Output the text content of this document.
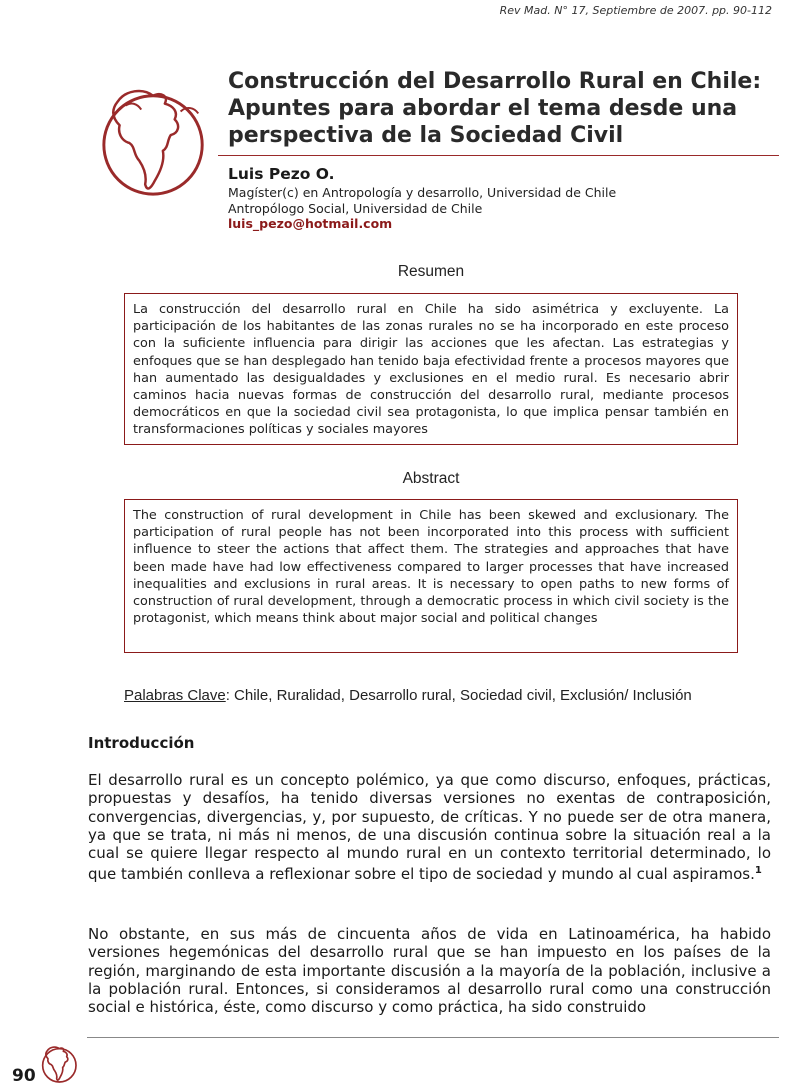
Rev Mad. N° 17, Septiembre de 2007. pp. 90-112
Construcción del Desarrollo Rural en Chile:
Apuntes para abordar el tema desde una
perspectiva de la Sociedad Civil
Luis Pezo O.
Magíster(c) en Antropología y desarrollo, Universidad de Chile
Antropólogo Social, Universidad de Chile
luis_pezo@hotmail.com
Resumen
La construcción del desarrollo rural en Chile ha sido asimétrica y excluyente. La participación de los habitantes de las zonas rurales no se ha incorporado en este proceso con la suficiente influencia para dirigir las acciones que les afectan. Las estrategias y enfoques que se han desplegado han tenido baja efectividad frente a procesos mayores que han aumentado las desigualdades y exclusiones en el medio rural. Es necesario abrir caminos hacia nuevas formas de construcción del desarrollo rural, mediante procesos democráticos en que la sociedad civil sea protagonista, lo que implica pensar también en transformaciones políticas y sociales mayores
Abstract
The construction of rural development in Chile has been skewed and exclusionary. The participation of rural people has not been incorporated into this process with sufficient influence to steer the actions that affect them. The strategies and approaches that have been made have had low effectiveness compared to larger processes that have increased inequalities and exclusions in rural areas. It is necessary to open paths to new forms of construction of rural development, through a democratic process in which civil society is the protagonist, which means think about major social and political changes
Palabras Clave: Chile, Ruralidad, Desarrollo rural, Sociedad civil, Exclusión/ Inclusión
Introducción

El desarrollo rural es un concepto polémico, ya que como discurso, enfoques, prácticas, propuestas y desafíos, ha tenido diversas versiones no exentas de contraposición, convergencias, divergencias, y, por supuesto, de críticas. Y no puede ser de otra manera, ya que se trata, ni más ni menos, de una discusión continua sobre la situación real a la cual se quiere llegar respecto al mundo rural en un contexto territorial determinado, lo que también conlleva a reflexionar sobre el tipo de sociedad y mundo al cual aspiramos.$^1$

No obstante, en sus más de cincuenta años de vida en Latinoamérica, ha habido versiones hegemónicas del desarrollo rural que se han impuesto en los países de la región, marginando de esta importante discusión a la mayoría de la población, inclusive a la población rural. Entonces, si consideramos al desarrollo rural como una construcción social e histórica, éste, como discurso y como práctica, ha sido construido

90
